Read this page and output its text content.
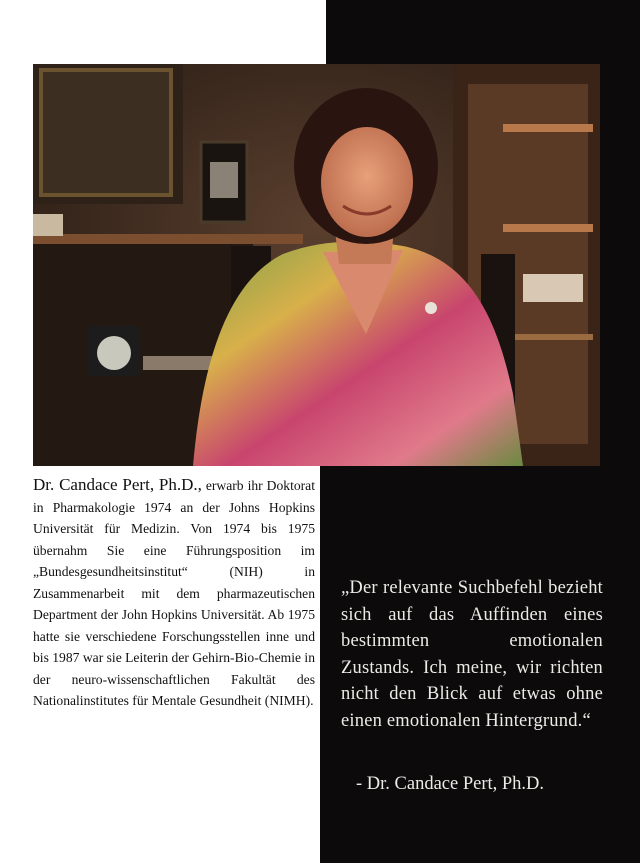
Dr. Candace Pert, Ph.D., erwarb ihr Doktorat in Pharmakologie 1974 an der Johns Hopkins Universität für Medizin. Von 1974 bis 1975 übernahm Sie eine Führungsposition im „Bundesgesundheitsinstitut“ (NIH) in Zusammenarbeit mit dem pharmazeutischen Department der John Hopkins Universität. Ab 1975 hatte sie verschiedene Forschungsstellen inne und bis 1987 war sie Leiterin der Gehirn-Bio-Chemie in der neuro-wissenschaftlichen Fakultät des Nationalinstitutes für Mentale Gesundheit (NIMH).
„Der relevante Suchbefehl bezieht sich auf das Auffinden eines bestimmten emotionalen Zustands. Ich meine, wir richten nicht den Blick auf etwas ohne einen emotionalen Hintergrund.“
- Dr. Candace Pert, Ph.D.
